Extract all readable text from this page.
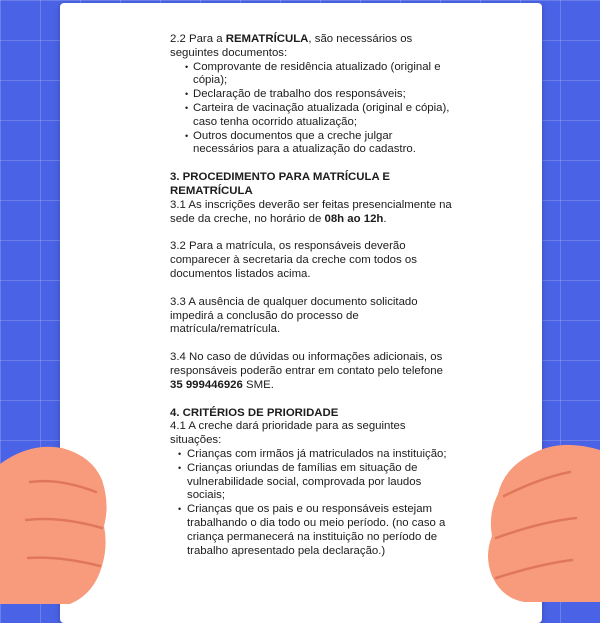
2.2 Para a REMATRÍCULA, são necessários os seguintes documentos:

• Comprovante de residência atualizado (original e cópia);
• Declaração de trabalho dos responsáveis;
• Carteira de vacinação atualizada (original e cópia), caso tenha ocorrido atualização;
• Outros documentos que a creche julgar necessários para a atualização do cadastro.

3. PROCEDIMENTO PARA MATRÍCULA E REMATRÍCULA

3.1 As inscrições deverão ser feitas presencialmente na sede da creche, no horário de 08h ao 12h.

3.2 Para a matrícula, os responsáveis deverão comparecer à secretaria da creche com todos os documentos listados acima.

3.3 A ausência de qualquer documento solicitado impedirá a conclusão do processo de matrícula/rematrícula.

3.4 No caso de dúvidas ou informações adicionais, os responsáveis poderão entrar em contato pelo telefone 35 999446926 SME.

4. CRITÉRIOS DE PRIORIDADE

4.1 A creche dará prioridade para as seguintes situações:

• Crianças com irmãos já matriculados na instituição;
• Crianças oriundas de famílias em situação de vulnerabilidade social, comprovada por laudos sociais;
• Crianças que os pais e ou responsáveis estejam trabalhando o dia todo ou meio período. (no caso a criança permanecerá na instituição no período de trabalho apresentado pela declaração.)
